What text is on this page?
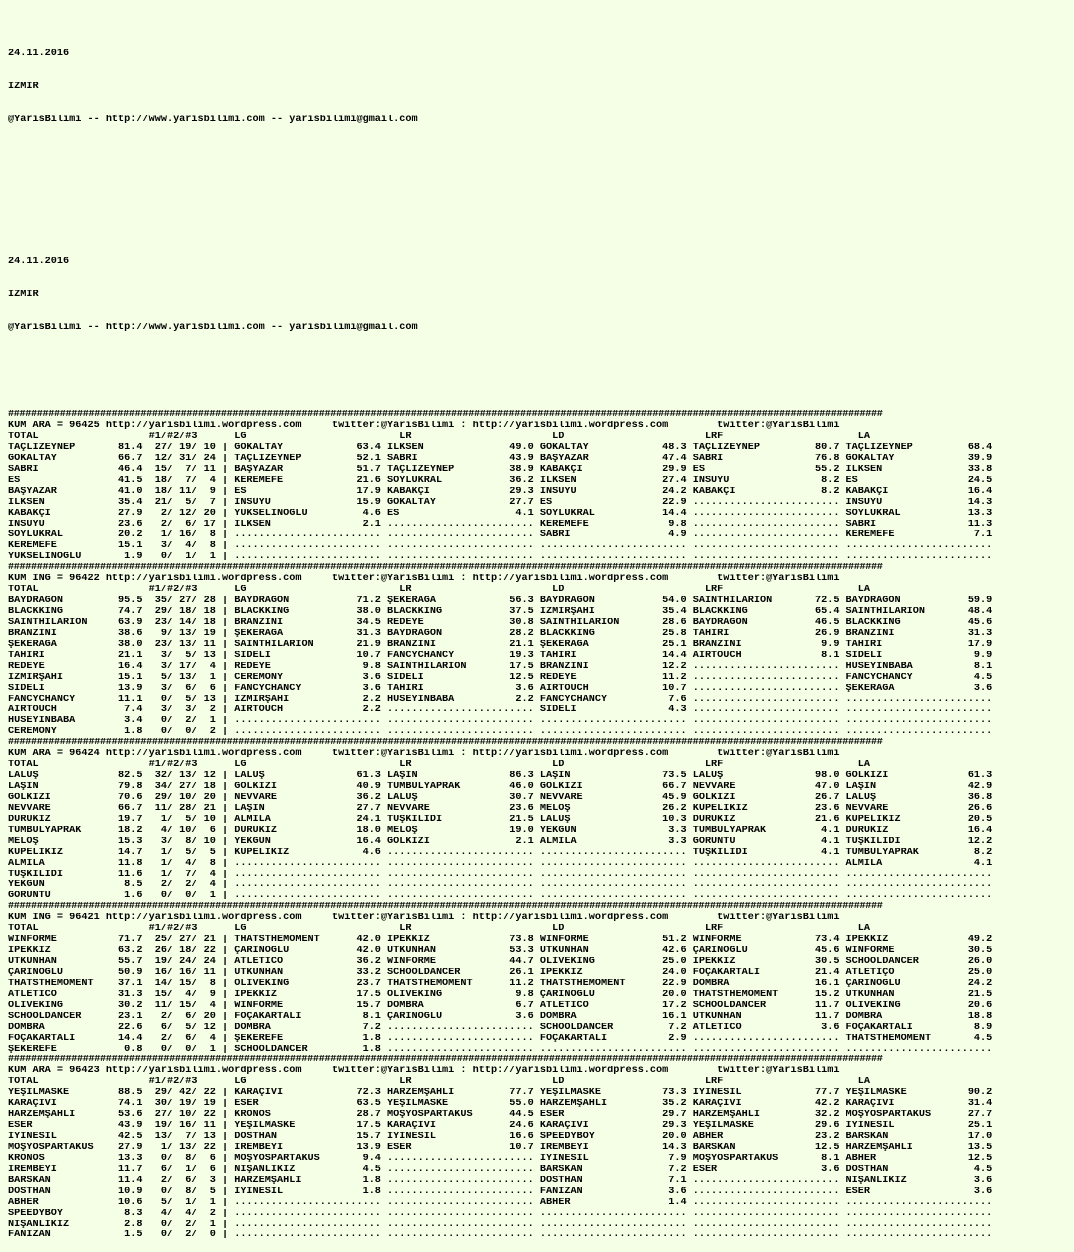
24.11.2016

IZMIR

@YarisBilimi -- http://www.yarisbilimi.com -- yarisbilimi@gmail.com

24.11.2016

IZMIR

@YarisBilimi -- http://www.yarisbilimi.com -- yarisbilimi@gmail.com

########################################################################################################################################################
KUM ARA = 96425 http://yarisbilimi.wordpress.com     twitter:@YarisBilimi : http://yarisbilimi.wordpress.com        twitter:@YarisBilimi
TOTAL                  #1/#2/#3      LG                         LR                       LD                       LRF                      LA
TAÇLIZEYNEP       81.4  27/ 19/ 10 | GOKALTAY            63.4 ILKSEN              49.0 GOKALTAY            48.3 TAÇLIZEYNEP         80.7 TAÇLIZEYNEP         68.4
GOKALTAY          66.7  12/ 31/ 24 | TAÇLIZEYNEP         52.1 SABRI               43.9 BAŞYAZAR            47.4 SABRI               76.8 GOKALTAY            39.9
SABRI             46.4  15/  7/ 11 | BAŞYAZAR            51.7 TAÇLIZEYNEP         38.9 KABAKÇI             29.9 ES                  55.2 ILKSEN              33.8
ES                41.5  18/  7/  4 | KEREMEFE            21.6 SOYLUKRAL           36.2 ILKSEN              27.4 INSUYU               8.2 ES                  24.5
BAŞYAZAR          41.0  18/ 11/  9 | ES                  17.9 KABAKÇI             29.3 INSUYU              24.2 KABAKÇI              8.2 KABAKÇI             16.4
ILKSEN            35.4  21/  5/  7 | INSUYU              15.9 GOKALTAY            27.7 ES                  22.9 ........................ INSUYU              14.3
KABAKÇI           27.9   2/ 12/ 20 | YUKSELINOĞLU         4.6 ES                   4.1 SOYLUKRAL           14.4 ........................ SOYLUKRAL           13.3
INSUYU            23.6   2/  6/ 17 | ILKSEN               2.1 ........................ KEREMEFE             9.8 ........................ SABRI               11.3
SOYLUKRAL         20.2   1/ 16/  8 | ........................ ........................ SABRI                4.9 ........................ KEREMEFE             7.1
KEREMEFE          15.1   3/  4/  8 | ........................ ........................ ........................ ........................ ........................
YUKSELINOĞLU       1.9   0/  1/  1 | ........................ ........................ ........................ ........................ ........................
########################################################################################################################################################
KUM ING = 96422 http://yarisbilimi.wordpress.com     twitter:@YarisBilimi : http://yarisbilimi.wordpress.com        twitter:@YarisBilimi
TOTAL                  #1/#2/#3      LG                         LR                       LD                       LRF                      LA
BAYDRAGON         95.5  35/ 27/ 28 | BAYDRAGON           71.2 ŞEKERAĞA            56.3 BAYDRAGON           54.0 SAINTHILARION       72.5 BAYDRAGON           59.9
BLACKKING         74.7  29/ 18/ 18 | BLACKKING           38.0 BLACKKING           37.5 IZMIRŞAHI           35.4 BLACKKING           65.4 SAINTHILARION       48.4
SAINTHILARION     63.9  23/ 14/ 18 | BRANZINI            34.5 REDEYE              30.8 SAINTHILARION       28.6 BAYDRAGON           46.5 BLACKKING           45.6
BRANZINI          38.6   9/ 13/ 19 | ŞEKERAĞA            31.3 BAYDRAGON           28.2 BLACKKING           25.8 TAHIRI              26.9 BRANZINI            31.3
ŞEKERAĞA          38.0  23/ 13/ 11 | SAINTHILARION       21.9 BRANZINI            21.1 ŞEKERAĞA            25.1 BRANZINI             9.9 TAHIRI              17.9
TAHIRI            21.1   3/  5/ 13 | SIDELI              10.7 FANCYCHANCY         19.3 TAHIRI              14.4 AIRTOUCH             8.1 SIDELI               9.9
REDEYE            16.4   3/ 17/  4 | REDEYE               9.8 SAINTHILARION       17.5 BRANZINI            12.2 ........................ HUSEYINBABA          8.1
IZMIRŞAHI         15.1   5/ 13/  1 | CEREMONY             3.6 SIDELI              12.5 REDEYE              11.2 ........................ FANCYCHANCY          4.5
SIDELI            13.9   3/  6/  6 | FANCYCHANCY          3.6 TAHIRI               3.6 AIRTOUCH            10.7 ........................ ŞEKERAĞA             3.6
FANCYCHANCY       11.1   0/  5/ 13 | IZMIRŞAHI            2.2 HUSEYINBABA          2.2 FANCYCHANCY          7.6 ........................ ........................
AIRTOUCH           7.4   3/  3/  2 | AIRTOUCH             2.2 ........................ SIDELI               4.3 ........................ ........................
HUSEYINBABA        3.4   0/  2/  1 | ........................ ........................ ........................ ........................ ........................
CEREMONY           1.8   0/  0/  2 | ........................ ........................ ........................ ........................ ........................
########################################################################################################################################################
KUM ARA = 96424 http://yarisbilimi.wordpress.com     twitter:@YarisBilimi : http://yarisbilimi.wordpress.com        twitter:@YarisBilimi
TOTAL                  #1/#2/#3      LG                         LR                       LD                       LRF                      LA
LALUŞ             82.5  32/ 13/ 12 | LALUŞ               61.3 LAŞIN               86.3 LAŞIN               73.5 LALUŞ               98.0 GOLKIZI             61.3
LAŞIN             79.8  34/ 27/ 18 | GOLKIZI             40.9 TUMBULYAPRAK        46.0 GOLKIZI             66.7 NEVVARE             47.0 LAŞIN               42.9
GOLKIZI           70.6  29/ 10/ 20 | NEVVARE             36.2 LALUŞ               30.7 NEVVARE             45.9 GOLKIZI             26.7 LALUŞ               36.8
NEVVARE           66.7  11/ 28/ 21 | LAŞIN               27.7 NEVVARE             23.6 MELOŞ               26.2 KUPELIKIZ           23.6 NEVVARE             26.6
DURUKIZ           19.7   1/  5/ 10 | ALMILA              24.1 TUŞKILIDI           21.5 LALUŞ               10.3 DURUKIZ             21.6 KUPELIKIZ           20.5
TUMBULYAPRAK      18.2   4/ 10/  6 | DURUKIZ             18.0 MELOŞ               19.0 YEKGUN               3.3 TUMBULYAPRAK         4.1 DURUKIZ             16.4
MELOŞ             15.3   3/  8/ 10 | YEKGUN              16.4 GOLKIZI              2.1 ALMILA               3.3 GORUNTU              4.1 TUŞKILIDI           12.2
KUPELIKIZ         14.7   1/  5/  5 | KUPELIKIZ            4.6 ........................ ........................ TUŞKILIDI            4.1 TUMBULYAPRAK         8.2
ALMILA            11.8   1/  4/  8 | ........................ ........................ ........................ ........................ ALMILA               4.1
TUŞKILIDI         11.6   1/  7/  4 | ........................ ........................ ........................ ........................ ........................
YEKGUN             8.5   2/  2/  4 | ........................ ........................ ........................ ........................ ........................
GORUNTU            1.6   0/  0/  1 | ........................ ........................ ........................ ........................ ........................
########################################################################################################################################################
KUM ING = 96421 http://yarisbilimi.wordpress.com     twitter:@YarisBilimi : http://yarisbilimi.wordpress.com        twitter:@YarisBilimi
TOTAL                  #1/#2/#3      LG                         LR                       LD                       LRF                      LA
WINFORME          71.7  25/ 27/ 21 | THATSTHEMOMENT      42.0 IPEKKIZ             73.8 WINFORME            51.2 WINFORME            73.4 IPEKKIZ             49.2
IPEKKIZ           63.2  26/ 18/ 22 | ÇARINOGLU           42.0 UTKUNHAN            53.3 UTKUNHAN            42.6 ÇARINOGLU           45.6 WINFORME            30.5
UTKUNHAN          55.7  19/ 24/ 24 | ATLETICO            36.2 WINFORME            44.7 OLIVEKING           25.0 IPEKKIZ             30.5 SCHOOLDANCER        26.0
ÇARINOGLU         50.9  16/ 16/ 11 | UTKUNHAN            33.2 SCHOOLDANCER        26.1 IPEKKIZ             24.0 FOÇAKARTALI         21.4 ATLETIÇO            25.0
THATSTHEMOMENT    37.1  14/ 15/  8 | OLIVEKING           23.7 THATSTHEMOMENT      11.2 THATSTHEMOMENT      22.9 DOMBRA              16.1 ÇARINOGLU           24.2
ATLETICO          31.3  15/  4/  9 | IPEKKIZ             17.5 OLIVEKING            9.8 ÇARINOGLU           20.0 THATSTHEMOMENT      15.2 UTKUNHAN            21.5
OLIVEKING         30.2  11/ 15/  4 | WINFORME            15.7 DOMBRA               6.7 ATLETICO            17.2 SCHOOLDANCER        11.7 OLIVEKING           20.6
SCHOOLDANCER      23.1   2/  6/ 20 | FOÇAKARTALI          8.1 ÇARINOGLU            3.6 DOMBRA              16.1 UTKUNHAN            11.7 DOMBRA              18.8
DOMBRA            22.6   6/  5/ 12 | DOMBRA               7.2 ........................ SCHOOLDANCER         7.2 ATLETICO             3.6 FOÇAKARTALI          8.9
FOÇAKARTALI       14.4   2/  6/  4 | ŞEKEREFE             1.8 ........................ FOÇAKARTALI          2.9 ........................ THATSTHEMOMENT       4.5
ŞEKEREFE           0.8   0/  0/  1 | SCHOOLDANCER         1.8 ........................ ........................ ........................ ........................
########################################################################################################################################################
KUM ARA = 96423 http://yarisbilimi.wordpress.com     twitter:@YarisBilimi : http://yarisbilimi.wordpress.com        twitter:@YarisBilimi
TOTAL                  #1/#2/#3      LG                         LR                       LD                       LRF                      LA
YEŞILMASKE        88.5  29/ 42/ 22 | KARAÇIVI            72.3 HARZEMŞAHLI         77.7 YEŞILMASKE          73.3 IYINESIL            77.7 YEŞILMASKE          90.2
KARAÇIVI          74.1  30/ 19/ 19 | ESER                63.5 YEŞILMASKE          55.0 HARZEMŞAHLI         35.2 KARAÇIVI            42.2 KARAÇIVI            31.4
HARZEMŞAHLI       53.6  27/ 10/ 22 | KRONOS              28.7 MOŞYOSPARTAKUS      44.5 ESER                29.7 HARZEMŞAHLI         32.2 MOŞYOSPARTAKUS      27.7
ESER              43.9  19/ 16/ 11 | YEŞILMASKE          17.5 KARAÇIVI            24.6 KARAÇIVI            29.3 YEŞILMASKE          29.6 IYINESIL            25.1
IYINESIL          42.5  13/  7/ 13 | DOSTHAN             15.7 IYINESIL            16.6 SPEEDYBOY           20.0 ABHER               23.2 BARSKAN             17.0
MOŞYOSPARTAKUS    27.9   1/ 13/ 22 | IREMBEYI            13.9 ESER                10.7 IREMBEYI            14.3 BARSKAN             12.5 HARZEMŞAHLI         13.5
KRONOS            13.3   0/  8/  6 | MOŞYOSPARTAKUS       9.4 ........................ IYINESIL             7.9 MOŞYOSPARTAKUS       8.1 ABHER               12.5
IREMBEYI          11.7   6/  1/  6 | NIŞANLIKIZ           4.5 ........................ BARSKAN              7.2 ESER                 3.6 DOSTHAN              4.5
BARSKAN           11.4   2/  6/  3 | HARZEMŞAHLI          1.8 ........................ DOSTHAN              7.1 ........................ NIŞANLIKIZ           3.6
DOSTHAN           10.9   0/  8/  5 | IYINESIL             1.8 ........................ FANIZAN              3.6 ........................ ESER                 3.6
ABHER             10.6   5/  1/  1 | ........................ ........................ ABHER                1.4 ........................ ........................
SPEEDYBOY          8.3   4/  4/  2 | ........................ ........................ ........................ ........................ ........................
NIŞANLIKIZ         2.8   0/  2/  1 | ........................ ........................ ........................ ........................ ........................
FANIZAN            1.5   0/  2/  0 | ........................ ........................ ........................ ........................ ........................
